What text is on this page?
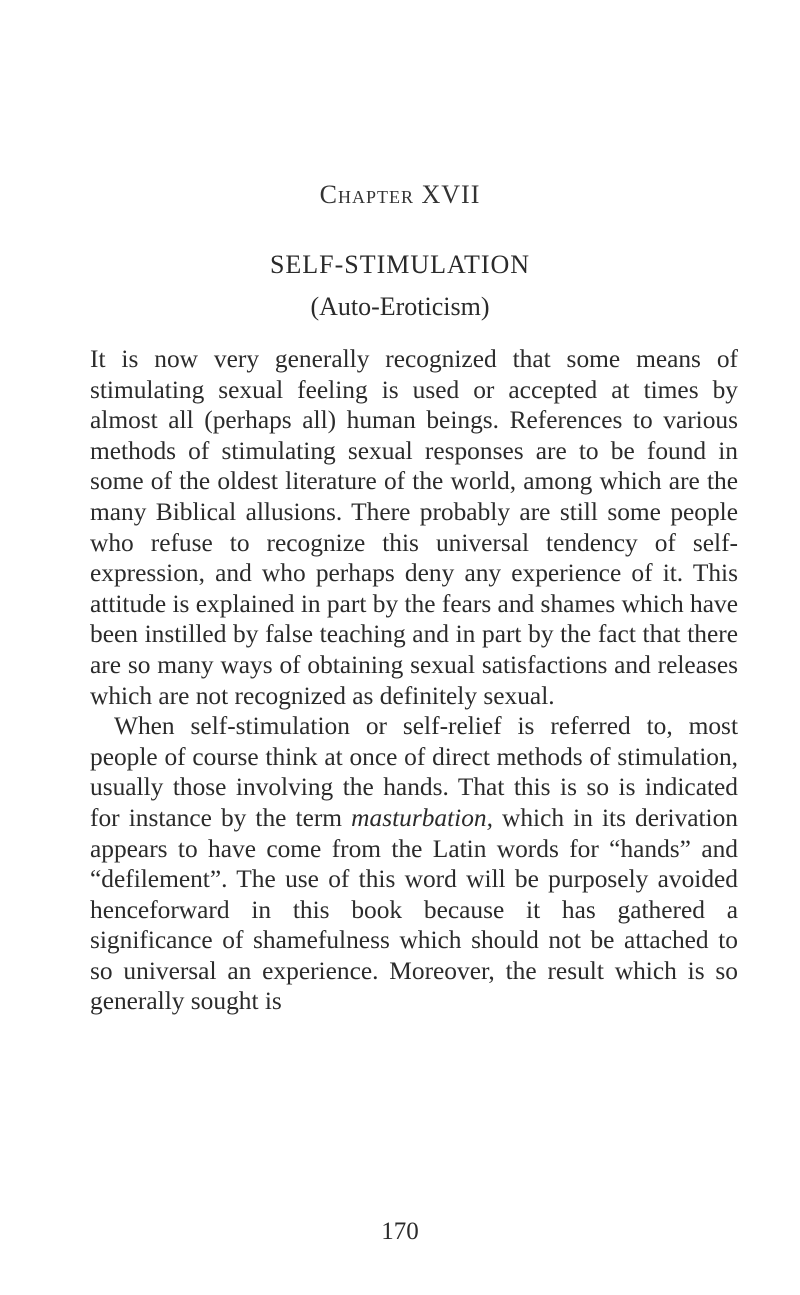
Chapter XVII
SELF-STIMULATION
(Auto-Eroticism)

It is now very generally recognized that some means of stimulating sexual feeling is used or accepted at times by almost all (perhaps all) human beings. References to various methods of stimulating sexual responses are to be found in some of the oldest literature of the world, among which are the many Biblical allusions. There probably are still some people who refuse to recognize this universal tendency of self-expression, and who perhaps deny any experience of it. This attitude is explained in part by the fears and shames which have been instilled by false teaching and in part by the fact that there are so many ways of obtaining sexual satisfactions and releases which are not recognized as definitely sexual.

When self-stimulation or self-relief is referred to, most people of course think at once of direct methods of stimulation, usually those involving the hands. That this is so is indicated for instance by the term masturbation, which in its derivation appears to have come from the Latin words for “hands” and “defilement”. The use of this word will be purposely avoided henceforward in this book because it has gathered a significance of shamefulness which should not be attached to so universal an experience. Moreover, the result which is so generally sought is

170
